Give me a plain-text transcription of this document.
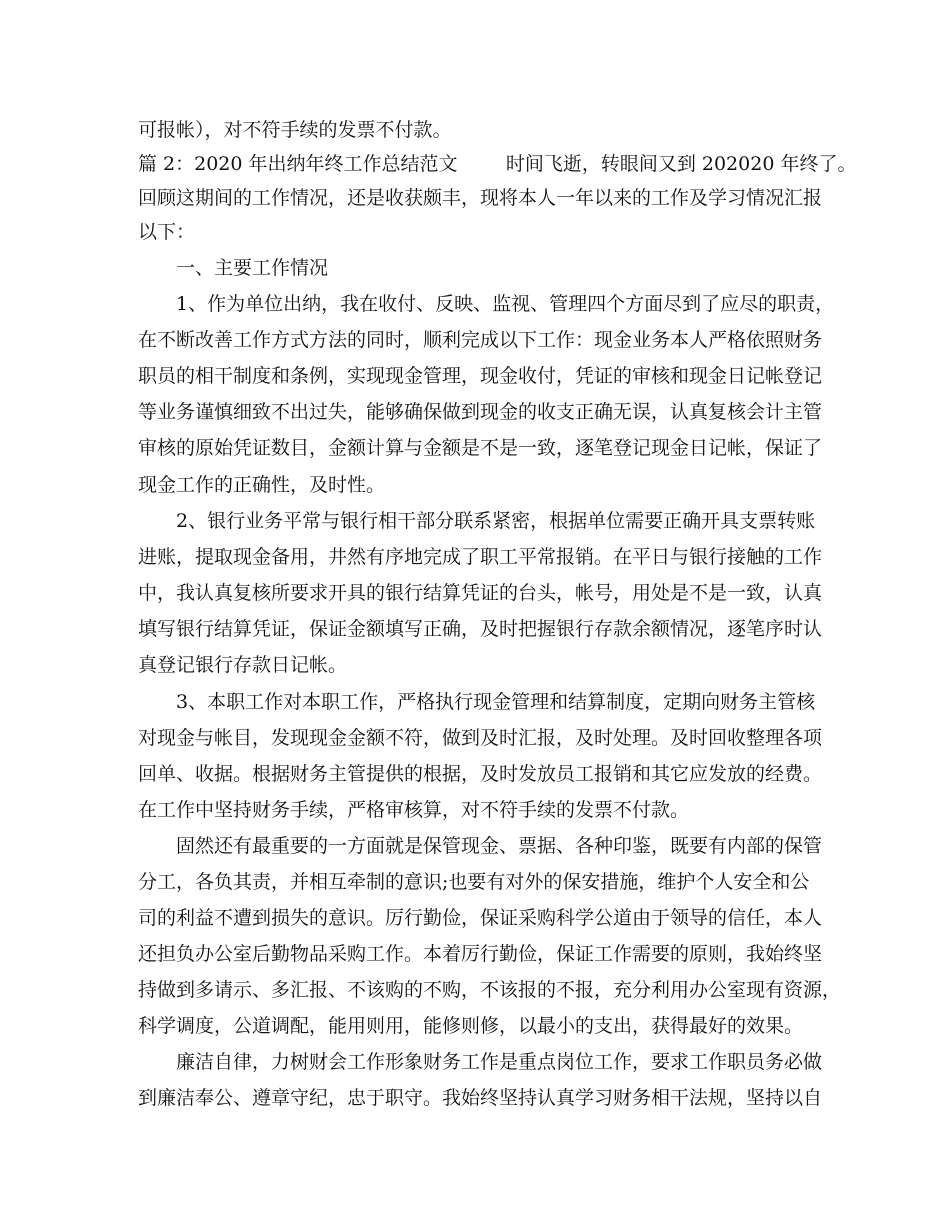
可报帐），对不符手续的发票不付款。
篇 2：2020 年出纳年终工作总结范文        时间飞逝，转眼间又到 202020 年终了。
回顾这期间的工作情况，还是收获颇丰，现将本人一年以来的工作及学习情况汇报
以下：
一、主要工作情况
1、作为单位出纳，我在收付、反映、监视、管理四个方面尽到了应尽的职责，
在不断改善工作方式方法的同时，顺利完成以下工作：现金业务本人严格依照财务
职员的相干制度和条例，实现现金管理，现金收付，凭证的审核和现金日记帐登记
等业务谨慎细致不出过失，能够确保做到现金的收支正确无误，认真复核会计主管
审核的原始凭证数目，金额计算与金额是不是一致，逐笔登记现金日记帐，保证了
现金工作的正确性，及时性。
2、银行业务平常与银行相干部分联系紧密，根据单位需要正确开具支票转账
进账，提取现金备用，井然有序地完成了职工平常报销。在平日与银行接触的工作
中，我认真复核所要求开具的银行结算凭证的台头，帐号，用处是不是一致，认真
填写银行结算凭证，保证金额填写正确，及时把握银行存款余额情况，逐笔序时认
真登记银行存款日记帐。
3、本职工作对本职工作，严格执行现金管理和结算制度，定期向财务主管核
对现金与帐目，发现现金金额不符，做到及时汇报，及时处理。及时回收整理各项
回单、收据。根据财务主管提供的根据，及时发放员工报销和其它应发放的经费。
在工作中坚持财务手续，严格审核算，对不符手续的发票不付款。
固然还有最重要的一方面就是保管现金、票据、各种印鉴，既要有内部的保管
分工，各负其责，并相互牵制的意识;也要有对外的保安措施，维护个人安全和公
司的利益不遭到损失的意识。厉行勤俭，保证采购科学公道由于领导的信任，本人
还担负办公室后勤物品采购工作。本着厉行勤俭，保证工作需要的原则，我始终坚
持做到多请示、多汇报、不该购的不购，不该报的不报，充分利用办公室现有资源，
科学调度，公道调配，能用则用，能修则修，以最小的支出，获得最好的效果。
廉洁自律，力树财会工作形象财务工作是重点岗位工作，要求工作职员务必做
到廉洁奉公、遵章守纪，忠于职守。我始终坚持认真学习财务相干法规，坚持以自
